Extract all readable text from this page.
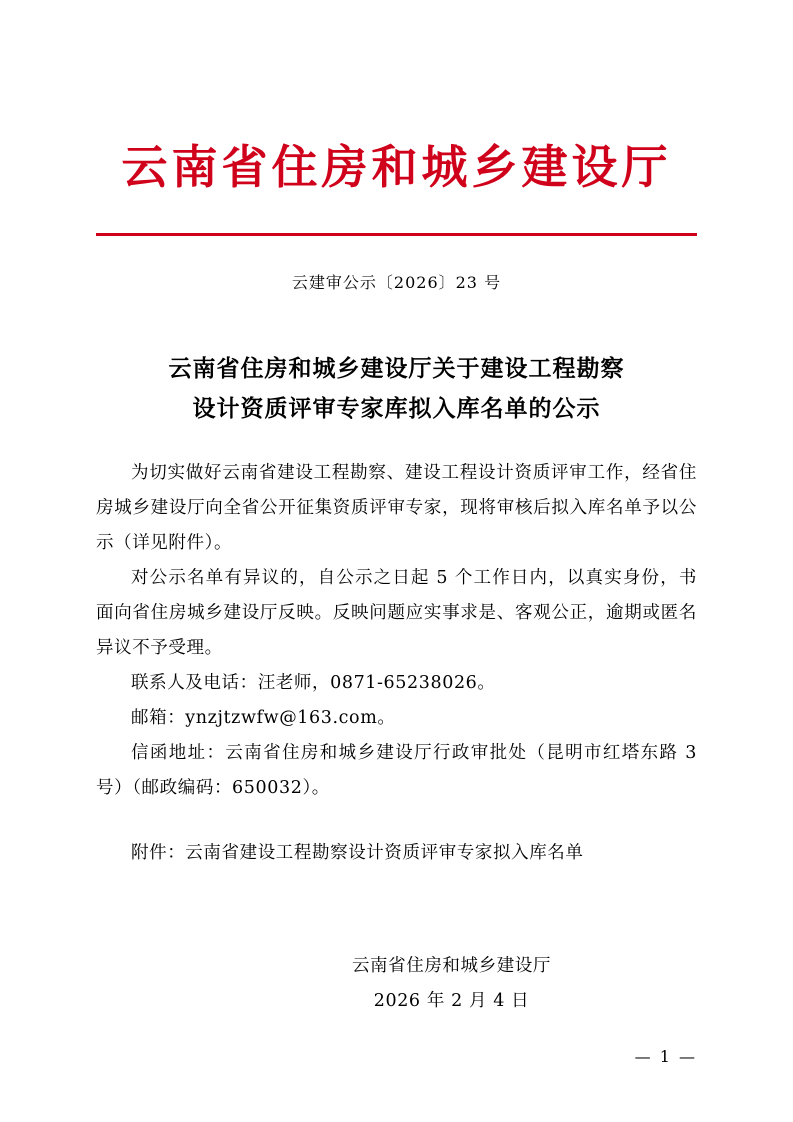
云南省住房和城乡建设厅
云建审公示〔2026〕23 号
云南省住房和城乡建设厅关于建设工程勘察
设计资质评审专家库拟入库名单的公示

为切实做好云南省建设工程勘察、建设工程设计资质评审工作，经省住房城乡建设厅向全省公开征集资质评审专家，现将审核后拟入库名单予以公示（详见附件）。

对公示名单有异议的，自公示之日起 5 个工作日内，以真实身份，书面向省住房城乡建设厅反映。反映问题应实事求是、客观公正，逾期或匿名异议不予受理。

联系人及电话：汪老师，0871-65238026。

邮箱：ynzjtzwfw@163.com。

信函地址：云南省住房和城乡建设厅行政审批处（昆明市红塔东路 3 号）（邮政编码：650032）。

附件：云南省建设工程勘察设计资质评审专家拟入库名单

云南省住房和城乡建设厅
2026 年 2 月 4 日
— 1 —
